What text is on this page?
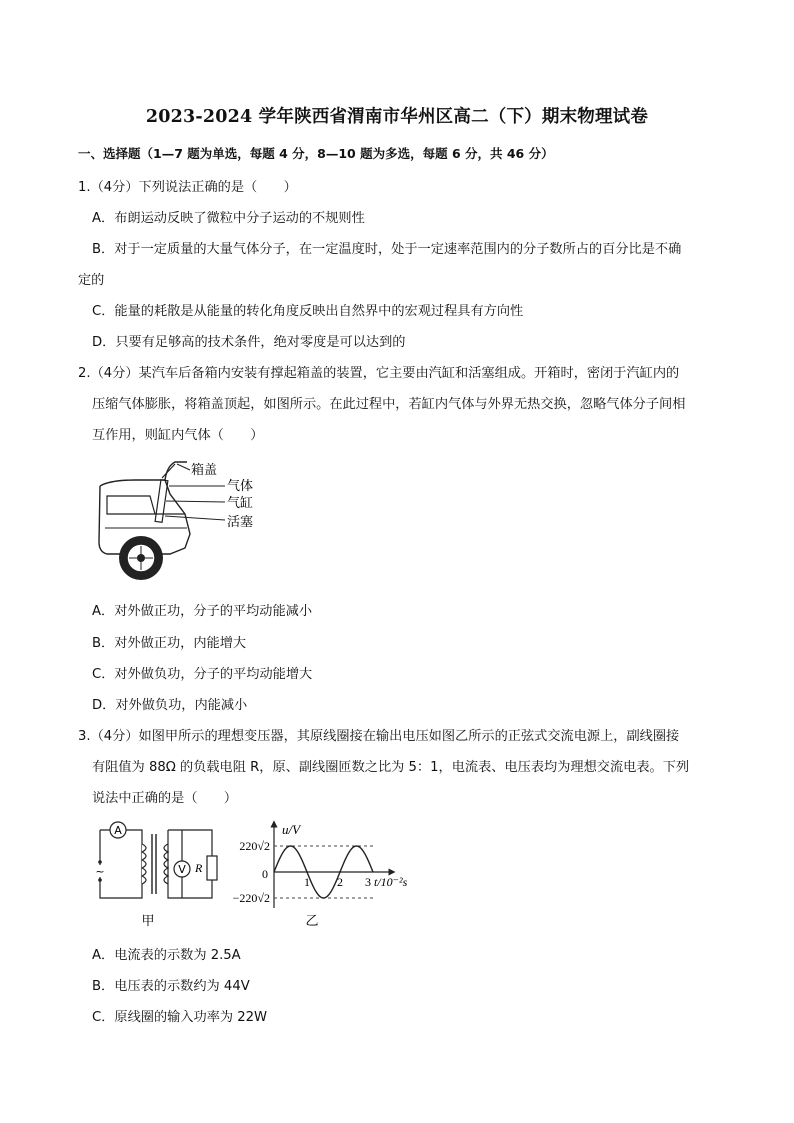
2023-2024 学年陕西省渭南市华州区高二（下）期末物理试卷
一、选择题（1—7 题为单选，每题 4 分，8—10 题为多选，每题 6 分，共 46 分）
1.（4分）下列说法正确的是（　　）
A．布朗运动反映了微粒中分子运动的不规则性
B．对于一定质量的大量气体分子，在一定温度时，处于一定速率范围内的分子数所占的百分比是不确
定的
C．能量的耗散是从能量的转化角度反映出自然界中的宏观过程具有方向性
D．只要有足够高的技术条件，绝对零度是可以达到的
2.（4分）某汽车后备箱内安装有撑起箱盖的装置，它主要由汽缸和活塞组成。开箱时，密闭于汽缸内的
压缩气体膨胀，将箱盖顶起，如图所示。在此过程中，若缸内气体与外界无热交换，忽略气体分子间相
互作用，则缸内气体（　　）
箱盖
气体
气缸
活塞
A．对外做正功，分子的平均动能减小
B．对外做正功，内能增大
C．对外做负功，分子的平均动能增大
D．对外做负功，内能减小
3.（4分）如图甲所示的理想变压器，其原线圈接在输出电压如图乙所示的正弦式交流电源上，副线圈接
有阻值为 88Ω 的负载电阻 R，原、副线圈匝数之比为 5：1，电流表、电压表均为理想交流电表。下列
说法中正确的是（　　）
A
~	V R
甲
u/V
220√2
−220√2
0
1 2 3 t/10⁻²s
乙
A．电流表的示数为 2.5A
B．电压表的示数约为 44V
C．原线圈的输入功率为 22W
